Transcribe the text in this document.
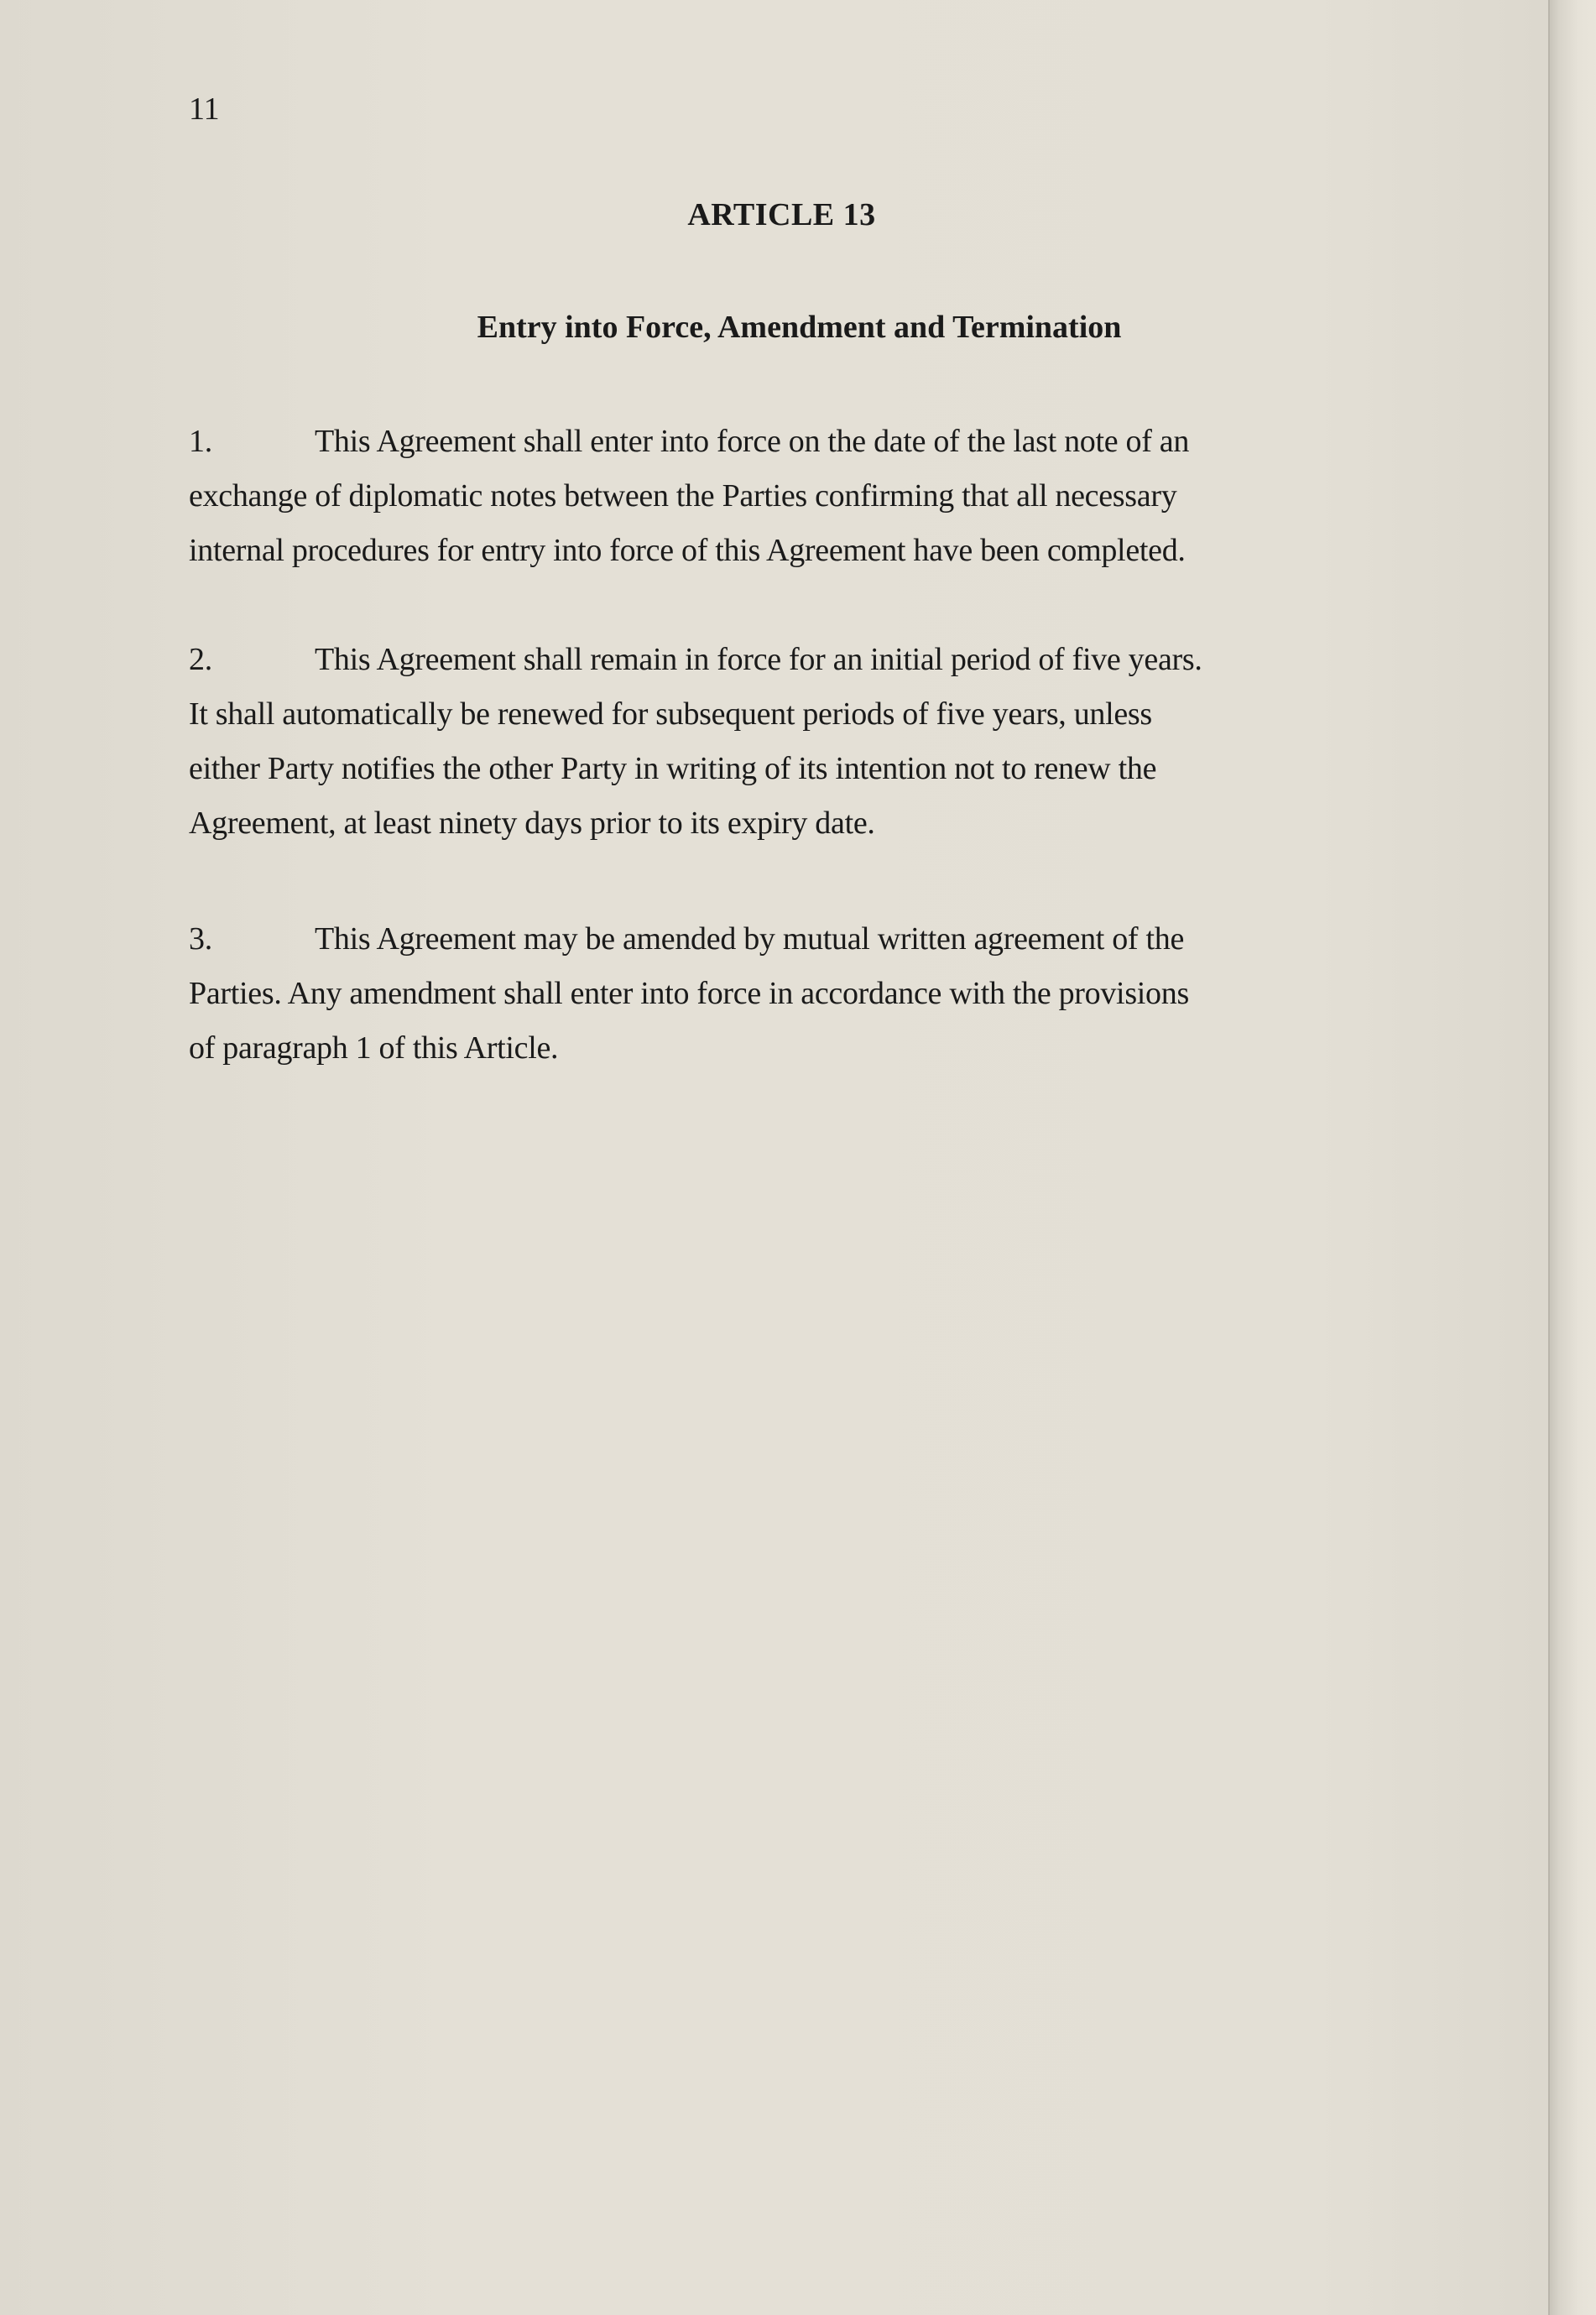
11
ARTICLE 13
Entry into Force, Amendment and Termination
1.	This Agreement shall enter into force on the date of the last note of an
exchange of diplomatic notes between the Parties confirming that all necessary
internal procedures for entry into force of this Agreement have been completed.
2.	This Agreement shall remain in force for an initial period of five years.
It shall automatically be renewed for subsequent periods of five years, unless
either Party notifies the other Party in writing of its intention not to renew the
Agreement, at least ninety days prior to its expiry date.
3.	This Agreement may be amended by mutual written agreement of the
Parties. Any amendment shall enter into force in accordance with the provisions
of paragraph 1 of this Article.
